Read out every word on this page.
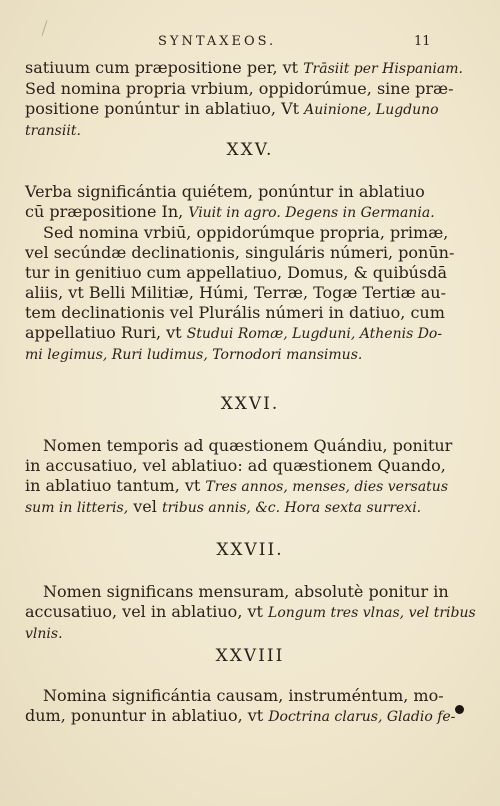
SYNTAXEOS.	11
satiuum cum præpositione per, vt Trāsiit per Hispaniam.
Sed nomina propria vrbium, oppidorúmue, sine præ-
positione ponúntur in ablatiuo, Vt Auinione, Lugduno
transiit.
XXV.
Verba significántia quiétem, ponúntur in ablatiuo
cū præpositione In, Viuit in agro. Degens in Germania.
Sed nomina vrbiū, oppidorúmque propria, primæ,
vel secúndæ declinationis, singuláris númeri, ponūn-
tur in genitiuo cum appellatiuo, Domus, & quibúsdā
aliis, vt Belli Militiæ, Húmi, Terræ, Togæ Tertiæ au-
tem declinationis vel Plurális númeri in datiuo, cum
appellatiuo Ruri, vt Studui Romæ, Lugduni, Athenis Do-
mi legimus, Ruri ludimus, Tornodori mansimus.
XXVI.
Nomen temporis ad quæstionem Quándiu, ponitur
in accusatiuo, vel ablatiuo: ad quæstionem Quando,
in ablatiuo tantum, vt Tres annos, menses, dies versatus
sum in litteris, vel tribus annis, &c. Hora sexta surrexi.
XXVII.
Nomen significans mensuram, absolutè ponitur in
accusatiuo, vel in ablatiuo, vt Longum tres vlnas, vel tribus
vlnis.
XXVIII
Nomina significántia causam, instruméntum, mo-
dum, ponuntur in ablatiuo, vt Doctrina clarus, Gladio fe-
